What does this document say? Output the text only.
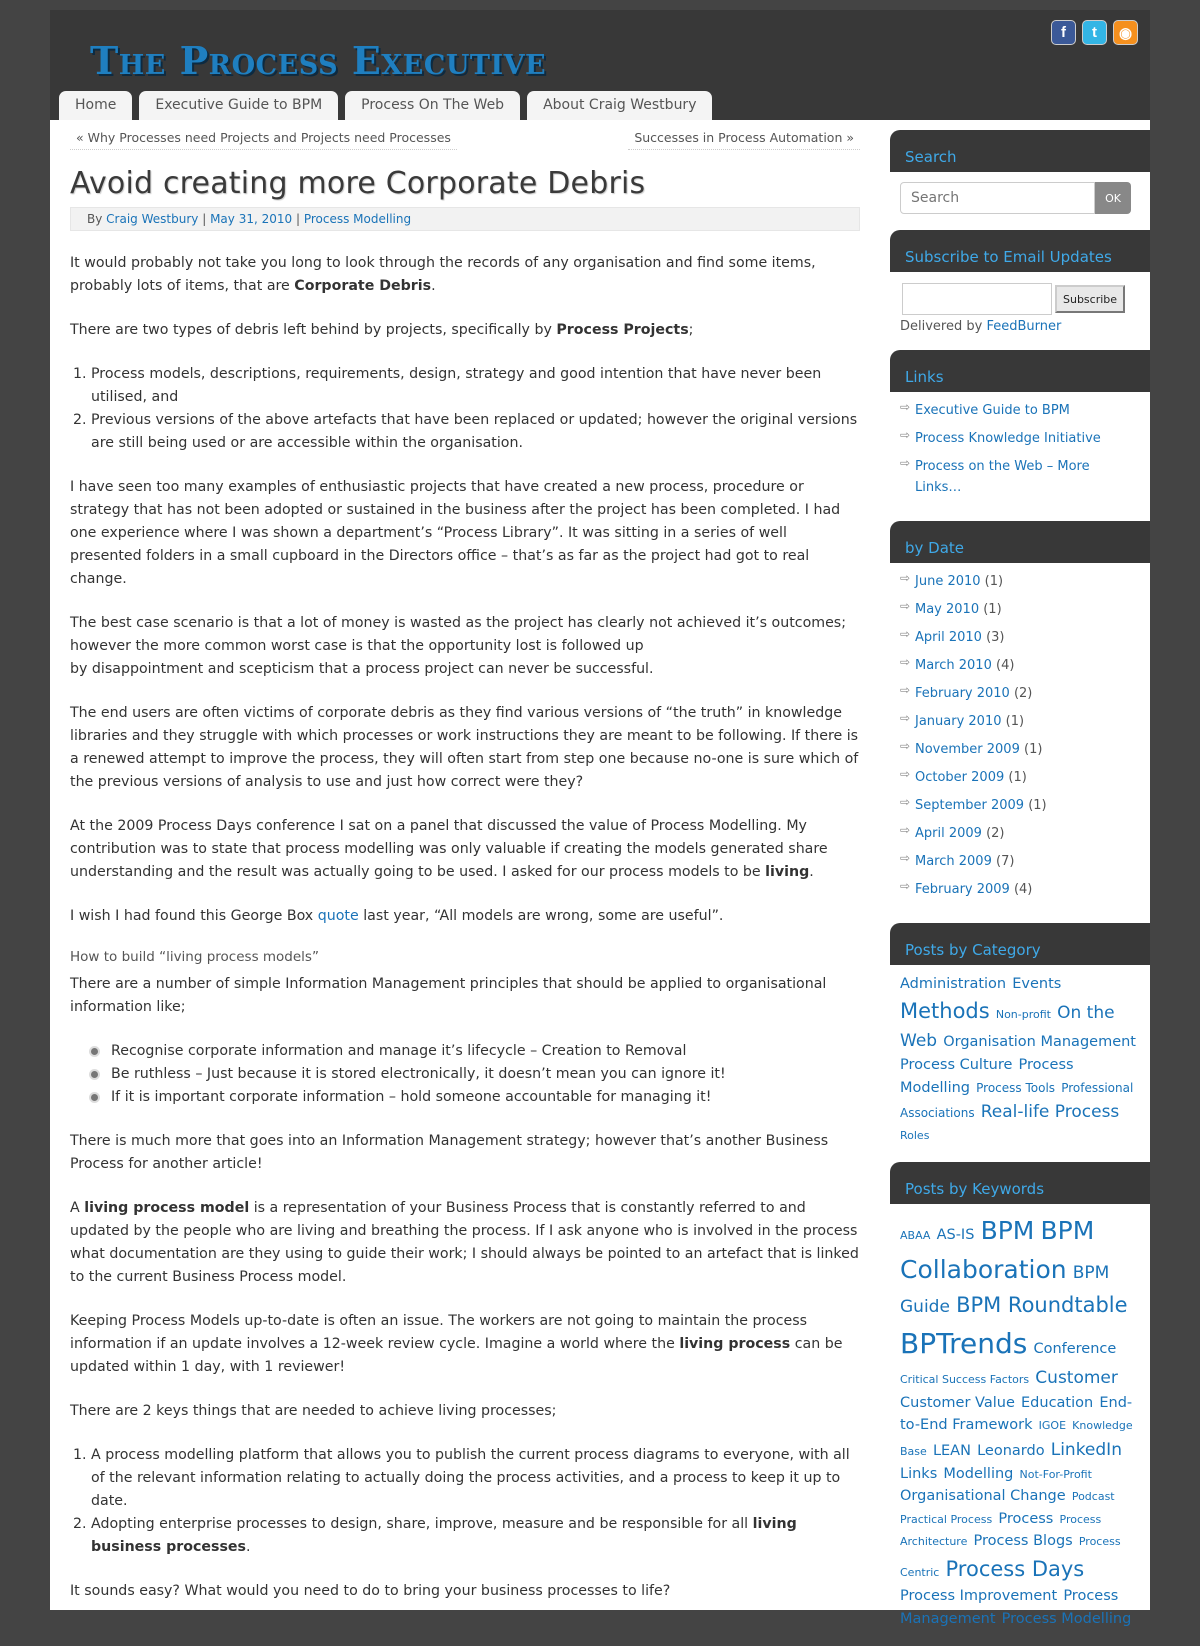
The Process Executive
f	t	◉
Home	Executive Guide to BPM	Process On The Web	About Craig Westbury
« Why Processes need Projects and Projects need Processes	Successes in Process Automation »
Avoid creating more Corporate Debris
By Craig Westbury | May 31, 2010 | Process Modelling

It would probably not take you long to look through the records of any organisation and find some items, probably lots of items, that are Corporate Debris.

There are two types of debris left behind by projects, specifically by Process Projects;

1. Process models, descriptions, requirements, design, strategy and good intention that have never been utilised, and
2. Previous versions of the above artefacts that have been replaced or updated; however the original versions are still being used or are accessible within the organisation.

I have seen too many examples of enthusiastic projects that have created a new process, procedure or strategy that has not been adopted or sustained in the business after the project has been completed. I had one experience where I was shown a department’s “Process Library”. It was sitting in a series of well presented folders in a small cupboard in the Directors office – that’s as far as the project had got to real change.

The best case scenario is that a lot of money is wasted as the project has clearly not achieved it’s outcomes; however the more common worst case is that the opportunity lost is followed up
by disappointment and scepticism that a process project can never be successful.

The end users are often victims of corporate debris as they find various versions of “the truth” in knowledge libraries and they struggle with which processes or work instructions they are meant to be following. If there is a renewed attempt to improve the process, they will often start from step one because no-one is sure which of the previous versions of analysis to use and just how correct were they?

At the 2009 Process Days conference I sat on a panel that discussed the value of Process Modelling. My contribution was to state that process modelling was only valuable if creating the models generated share understanding and the result was actually going to be used. I asked for our process models to be living.

I wish I had found this George Box quote last year, “All models are wrong, some are useful”.

How to build “living process models”

There are a number of simple Information Management principles that should be applied to organisational information like;

Recognise corporate information and manage it’s lifecycle – Creation to Removal
Be ruthless – Just because it is stored electronically, it doesn’t mean you can ignore it!
If it is important corporate information – hold someone accountable for managing it!

There is much more that goes into an Information Management strategy; however that’s another Business Process for another article!

A living process model is a representation of your Business Process that is constantly referred to and updated by the people who are living and breathing the process. If I ask anyone who is involved in the process what documentation are they using to guide their work; I should always be pointed to an artefact that is linked to the current Business Process model.

Keeping Process Models up-to-date is often an issue. The workers are not going to maintain the process information if an update involves a 12-week review cycle. Imagine a world where the living process can be updated within 1 day, with 1 reviewer!

There are 2 keys things that are needed to achieve living processes;

1. A process modelling platform that allows you to publish the current process diagrams to everyone, with all of the relevant information relating to actually doing the process activities, and a process to keep it up to date.
2. Adopting enterprise processes to design, share, improve, measure and be responsible for all living business processes.

It sounds easy? What would you need to do to bring your business processes to life?

Search
Search
OK
Subscribe to Email Updates
Subscribe
Delivered by FeedBurner
Links
⇨ Executive Guide to BPM
⇨ Process Knowledge Initiative
⇨ Process on the Web – More Links…
by Date
⇨ June 2010 (1)
⇨ May 2010 (1)
⇨ April 2010 (3)
⇨ March 2010 (4)
⇨ February 2010 (2)
⇨ January 2010 (1)
⇨ November 2009 (1)
⇨ October 2009 (1)
⇨ September 2009 (1)
⇨ April 2009 (2)
⇨ March 2009 (7)
⇨ February 2009 (4)
Posts by Category
Administration Events Methods Non-profit On the Web Organisation Management Process Culture Process Modelling Process Tools Professional Associations Real-life Process Roles
Posts by Keywords
ABAA AS-IS BPM BPM Collaboration BPM Guide BPM Roundtable BPTrends Conference Critical Success Factors Customer Customer Value Education End-to-End Framework IGOE Knowledge Base LEAN Leonardo LinkedIn Links Modelling Not-For-Profit Organisational Change Podcast Practical Process Process Process Architecture Process Blogs Process Centric Process Days Process Improvement Process Management Process Modelling
